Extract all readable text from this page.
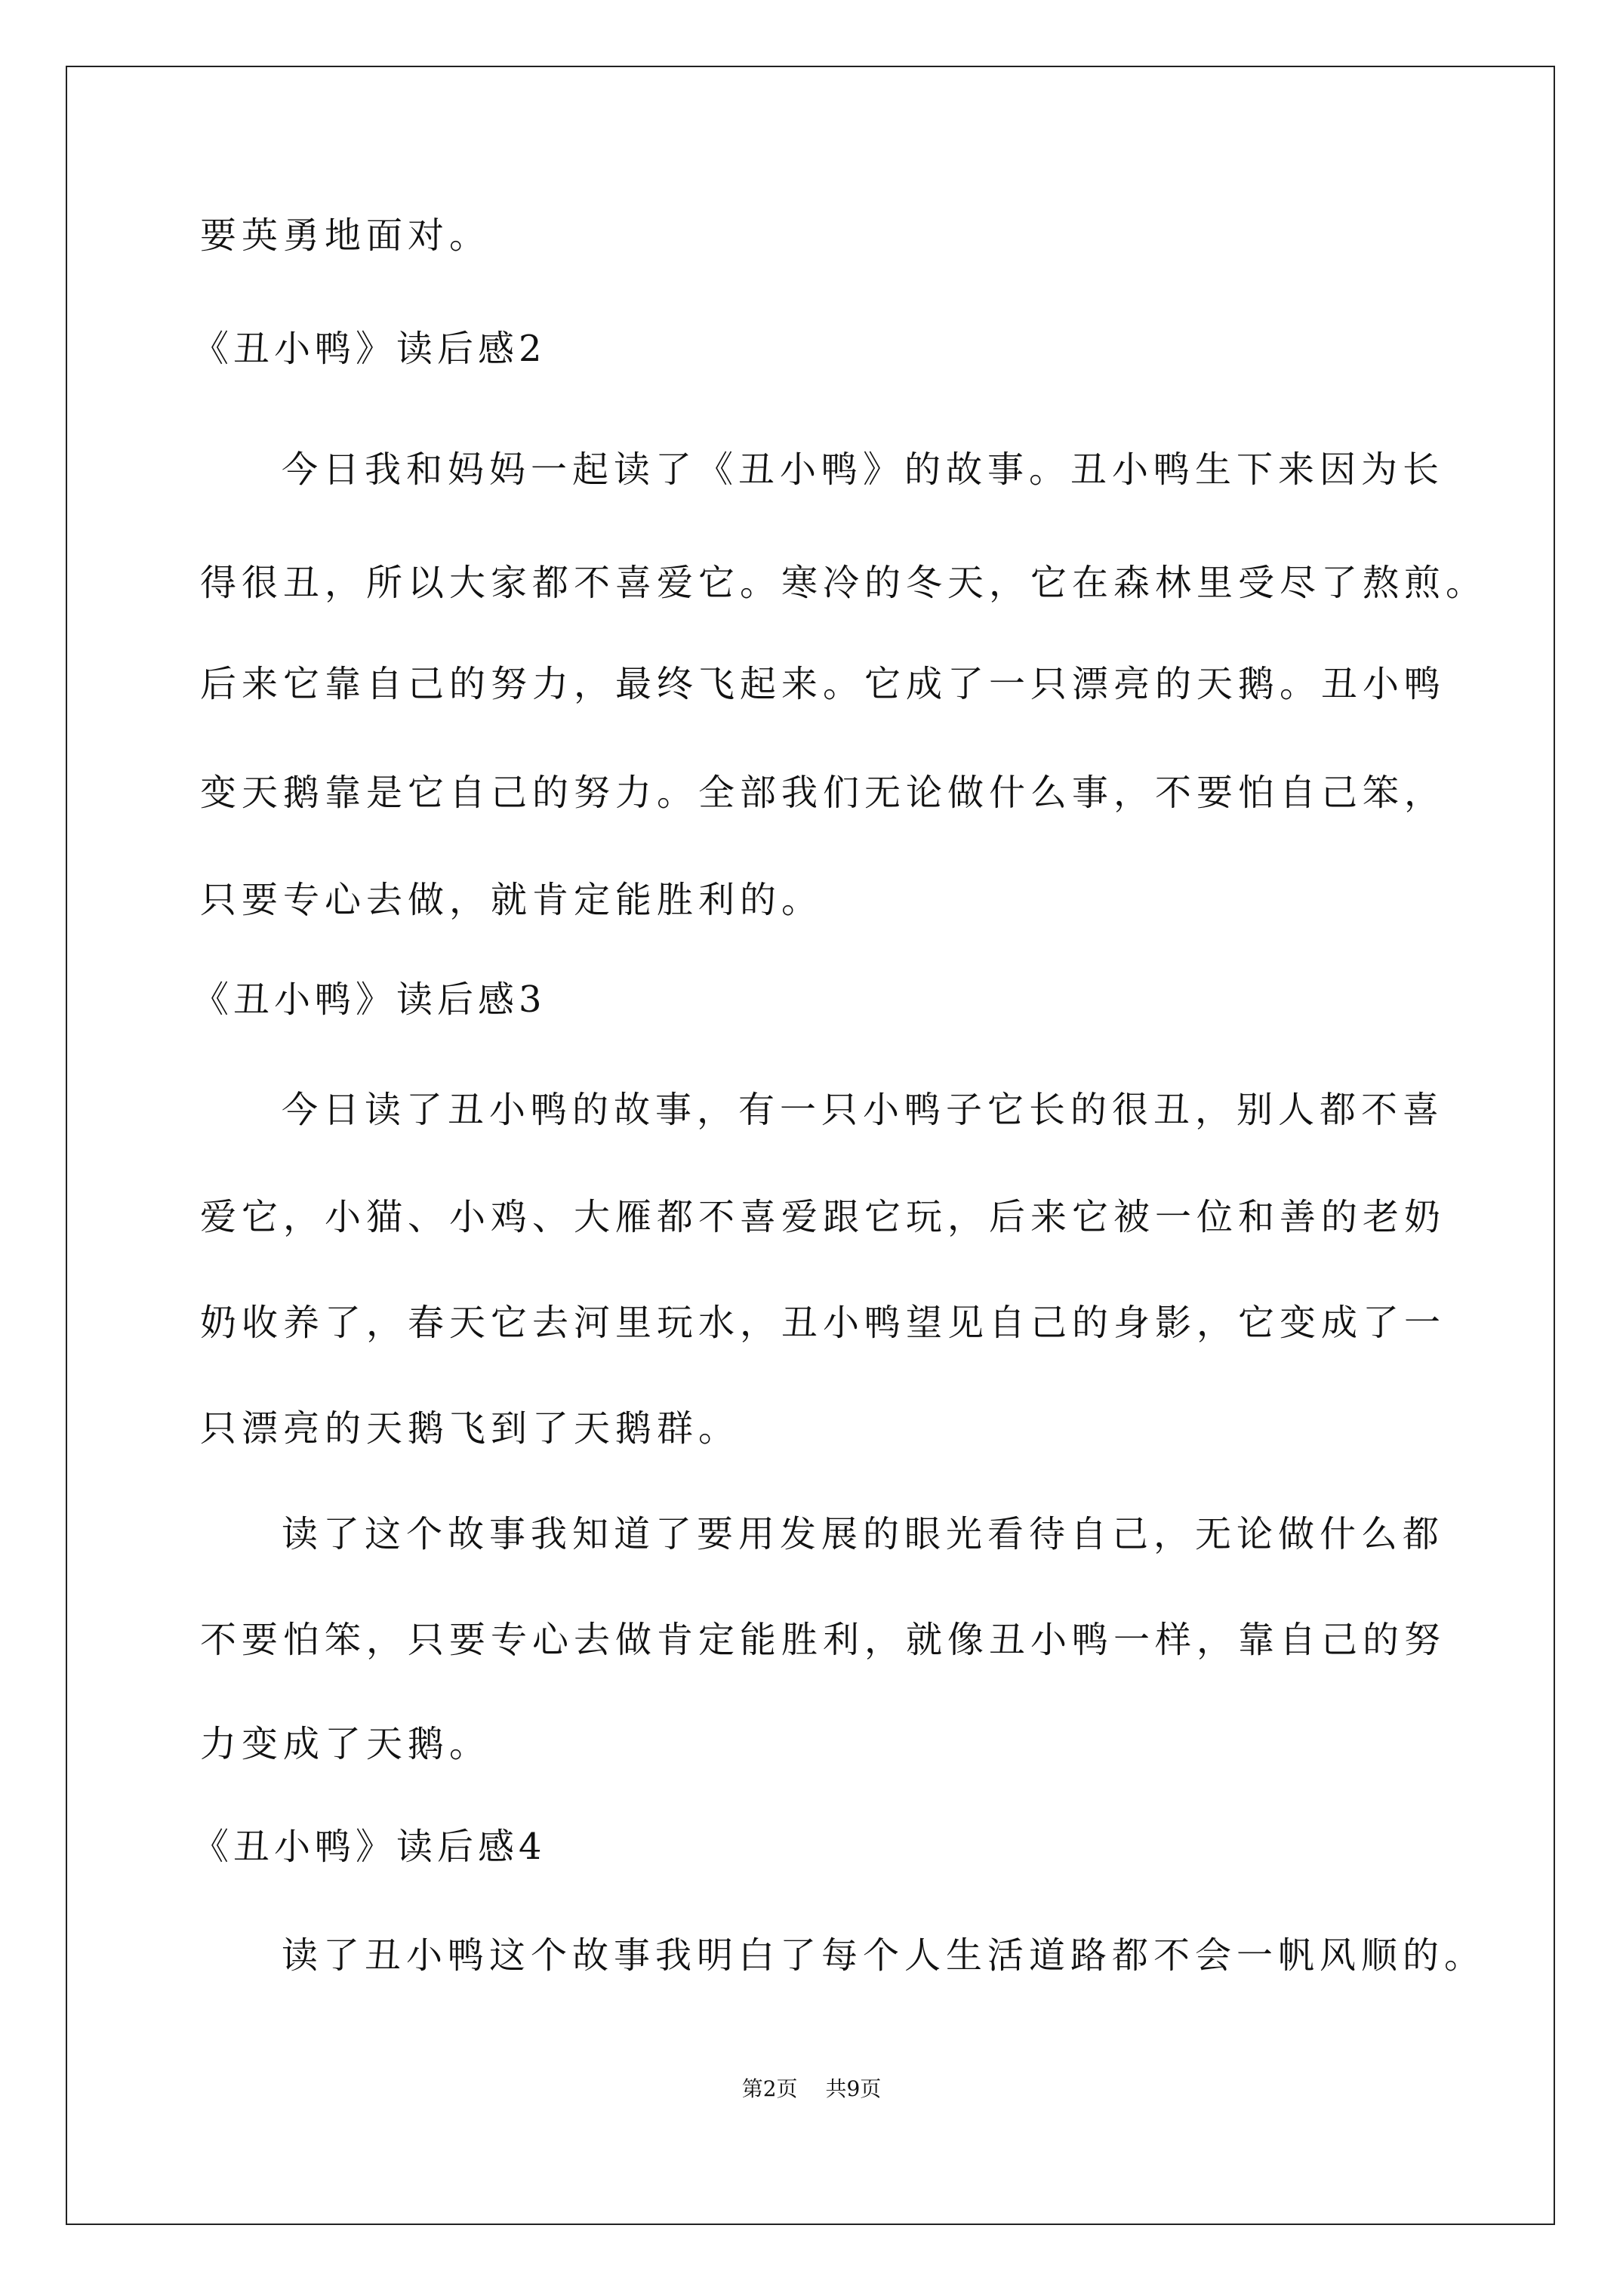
要英勇地面对。
《丑小鸭》读后感2
今日我和妈妈一起读了《丑小鸭》的故事。丑小鸭生下来因为长
得很丑，所以大家都不喜爱它。寒冷的冬天，它在森林里受尽了熬煎。
后来它靠自己的努力，最终飞起来。它成了一只漂亮的天鹅。丑小鸭
变天鹅靠是它自己的努力。全部我们无论做什么事，不要怕自己笨，
只要专心去做，就肯定能胜利的。
《丑小鸭》读后感3
今日读了丑小鸭的故事，有一只小鸭子它长的很丑，别人都不喜
爱它，小猫、小鸡、大雁都不喜爱跟它玩，后来它被一位和善的老奶
奶收养了，春天它去河里玩水，丑小鸭望见自己的身影，它变成了一
只漂亮的天鹅飞到了天鹅群。
读了这个故事我知道了要用发展的眼光看待自己，无论做什么都
不要怕笨，只要专心去做肯定能胜利，就像丑小鸭一样，靠自己的努
力变成了天鹅。
《丑小鸭》读后感4
读了丑小鸭这个故事我明白了每个人生活道路都不会一帆风顺的。
第2页 共9页
